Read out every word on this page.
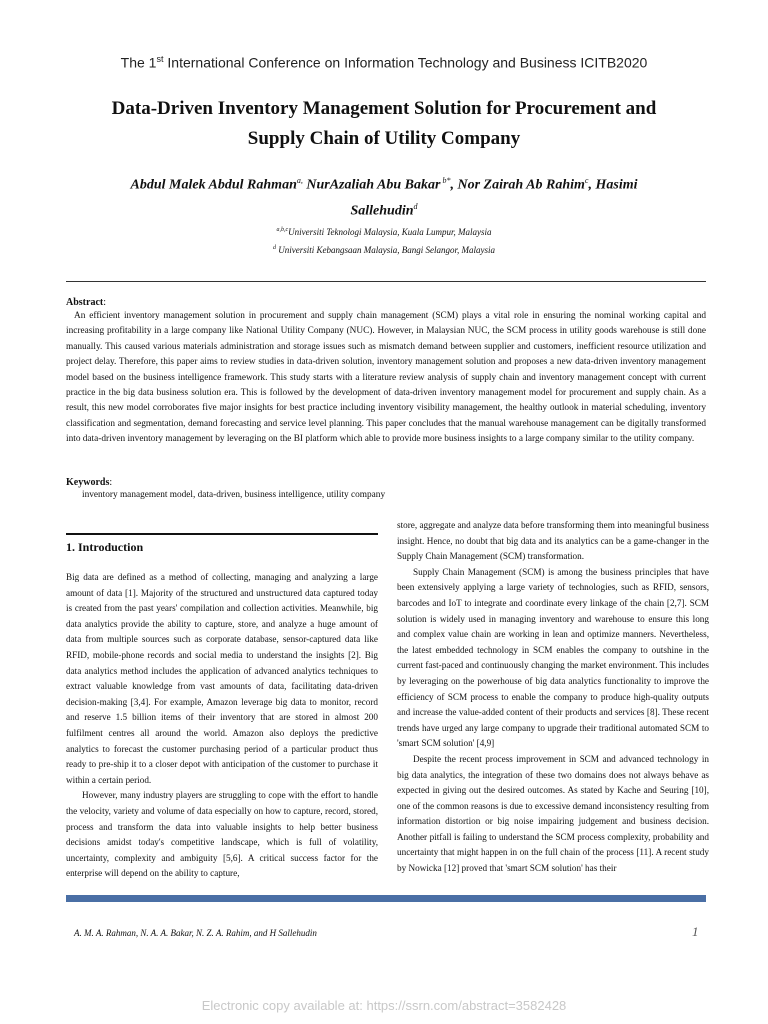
The 1st International Conference on Information Technology and Business ICITB2020
Data-Driven Inventory Management Solution for Procurement and
Supply Chain of Utility Company
Abdul Malek Abdul Rahman$^{a,}$ NurAzaliah Abu Bakar $^{b*}$, Nor Zairah Ab Rahim$^c$, Hasimi
Sallehudin$^d$
$^{a,b,c}$Universiti Teknologi Malaysia, Kuala Lumpur, Malaysia
$^d$ Universiti Kebangsaan Malaysia, Bangi Selangor, Malaysia
Abstract:
An efficient inventory management solution in procurement and supply chain management (SCM) plays a vital role in ensuring the nominal working capital and increasing profitability in a large company like National Utility Company (NUC). However, in Malaysian NUC, the SCM process in utility goods warehouse is still done manually. This caused various materials administration and storage issues such as mismatch demand between supplier and customers, inefficient resource utilization and project delay. Therefore, this paper aims to review studies in data-driven solution, inventory management solution and proposes a new data-driven inventory management model based on the business intelligence framework. This study starts with a literature review analysis of supply chain and inventory management concept with current practice in the big data business solution era. This is followed by the development of data-driven inventory management model for procurement and supply chain. As a result, this new model corroborates five major insights for best practice including inventory visibility management, the healthy outlook in material scheduling, inventory classification and segmentation, demand forecasting and service level planning. This paper concludes that the manual warehouse management can be digitally transformed into data-driven inventory management by leveraging on the BI platform which able to provide more business insights to a large company similar to the utility company.
Keywords:
inventory management model, data-driven, business intelligence, utility company
1. Introduction

Big data are defined as a method of collecting, managing and analyzing a large amount of data [1]. Majority of the structured and unstructured data captured today is created from the past years' compilation and collection activities. Meanwhile, big data analytics provide the ability to capture, store, and analyze a huge amount of data from multiple sources such as corporate database, sensor-captured data like RFID, mobile-phone records and social media to understand the insights [2]. Big data analytics method includes the application of advanced analytics techniques to extract valuable knowledge from vast amounts of data, facilitating data-driven decision-making [3,4]. For example, Amazon leverage big data to monitor, record and reserve 1.5 billion items of their inventory that are stored in almost 200 fulfilment centres all around the world. Amazon also deploys the predictive analytics to forecast the customer purchasing period of a particular product thus ready to pre-ship it to a closer depot with anticipation of the customer to purchase it within a certain period.

However, many industry players are struggling to cope with the effort to handle the velocity, variety and volume of data especially on how to capture, record, stored, process and transform the data into valuable insights to help better business decisions amidst today's competitive landscape, which is full of volatility, uncertainty, complexity and ambiguity [5,6]. A critical success factor for the enterprise will depend on the ability to capture,

store, aggregate and analyze data before transforming them into meaningful business insight. Hence, no doubt that big data and its analytics can be a game-changer in the Supply Chain Management (SCM) transformation.

Supply Chain Management (SCM) is among the business principles that have been extensively applying a large variety of technologies, such as RFID, sensors, barcodes and IoT to integrate and coordinate every linkage of the chain [2,7]. SCM solution is widely used in managing inventory and warehouse to ensure this long and complex value chain are working in lean and optimize manners. Nevertheless, the latest embedded technology in SCM enables the company to outshine in the current fast-paced and continuously changing the market environment. This includes by leveraging on the powerhouse of big data analytics functionality to improve the efficiency of SCM process to enable the company to produce high-quality outputs and increase the value-added content of their products and services [8]. These recent trends have urged any large company to upgrade their traditional automated SCM to 'smart SCM solution' [4,9]

Despite the recent process improvement in SCM and advanced technology in big data analytics, the integration of these two domains does not always behave as expected in giving out the desired outcomes. As stated by Kache and Seuring [10], one of the common reasons is due to excessive demand inconsistency resulting from information distortion or big noise impairing judgement and business decision. Another pitfall is failing to understand the SCM process complexity, probability and uncertainty that might happen in on the full chain of the process [11]. A recent study by Nowicka [12] proved that 'smart SCM solution' has their

A. M. A. Rahman, N. A. A. Bakar, N. Z. A. Rahim, and H Sallehudin	1
Electronic copy available at: https://ssrn.com/abstract=3582428
